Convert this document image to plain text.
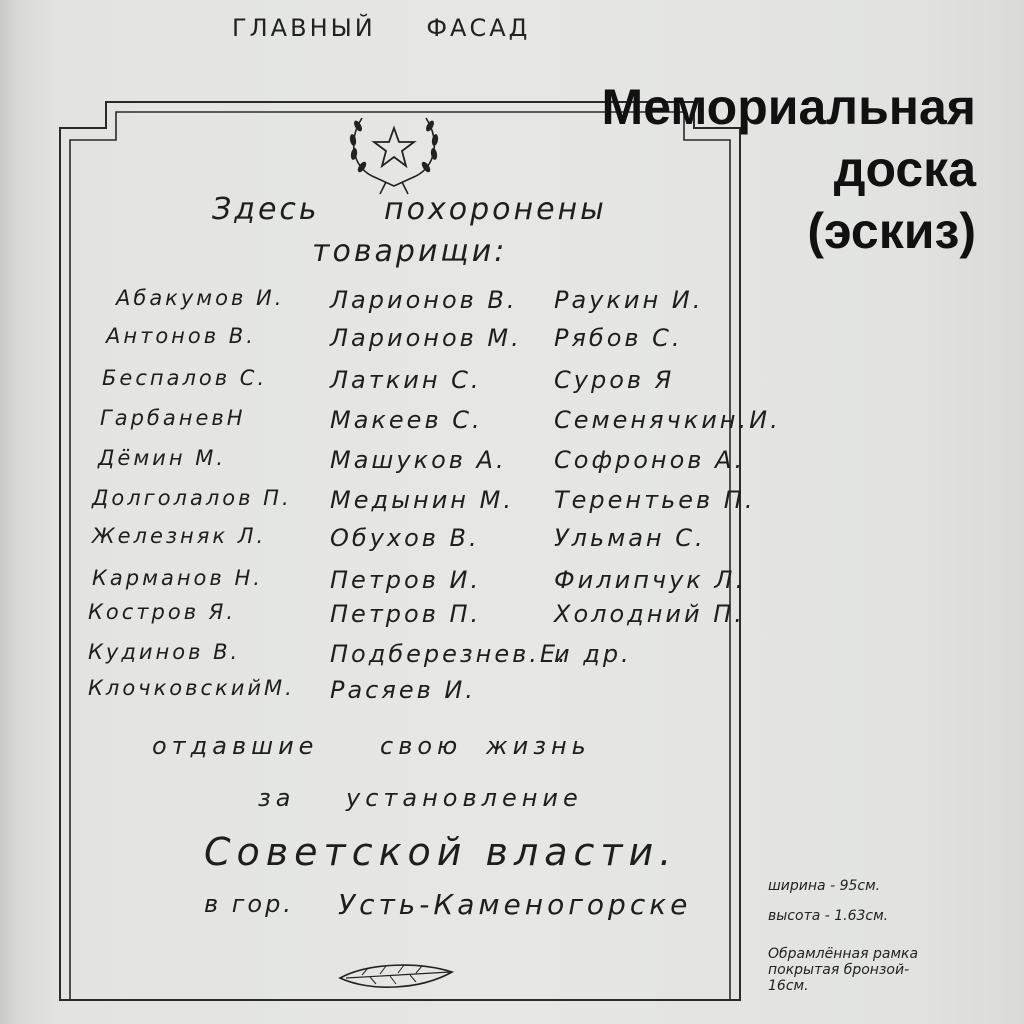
ГЛАВНЫЙ ФАСАД
Мемориальная
доска
(эскиз)
Здесь похоронены
товарищи:
Абакумов И.
Антонов В.
Беспалов С.
ГарбаневН
Дёмин М.
Долголалов П.
Железняк Л.
Карманов Н.
Костров Я.
Кудинов В.
КлочковскийМ.
Ларионов В.
Ларионов М.
Латкин С.
Макеев С.
Машуков А.
Медынин М.
Обухов В.
Петров И.
Петров П.
Подберезнев.Е.
Расяев И.
Раукин И.
Рябов С.
Суров Я
Семенячкин.И.
Софронов А.
Терентьев П.
Ульман С.
Филипчук Л.
Холодний П.
и др.
отдавшие	свою жизнь
за установление
Советской власти.
в гор. Усть-Каменогорске
ширина - 95см.
высота - 1.63см.
Обрамлённая рамка
покрытая бронзой-
16см.
